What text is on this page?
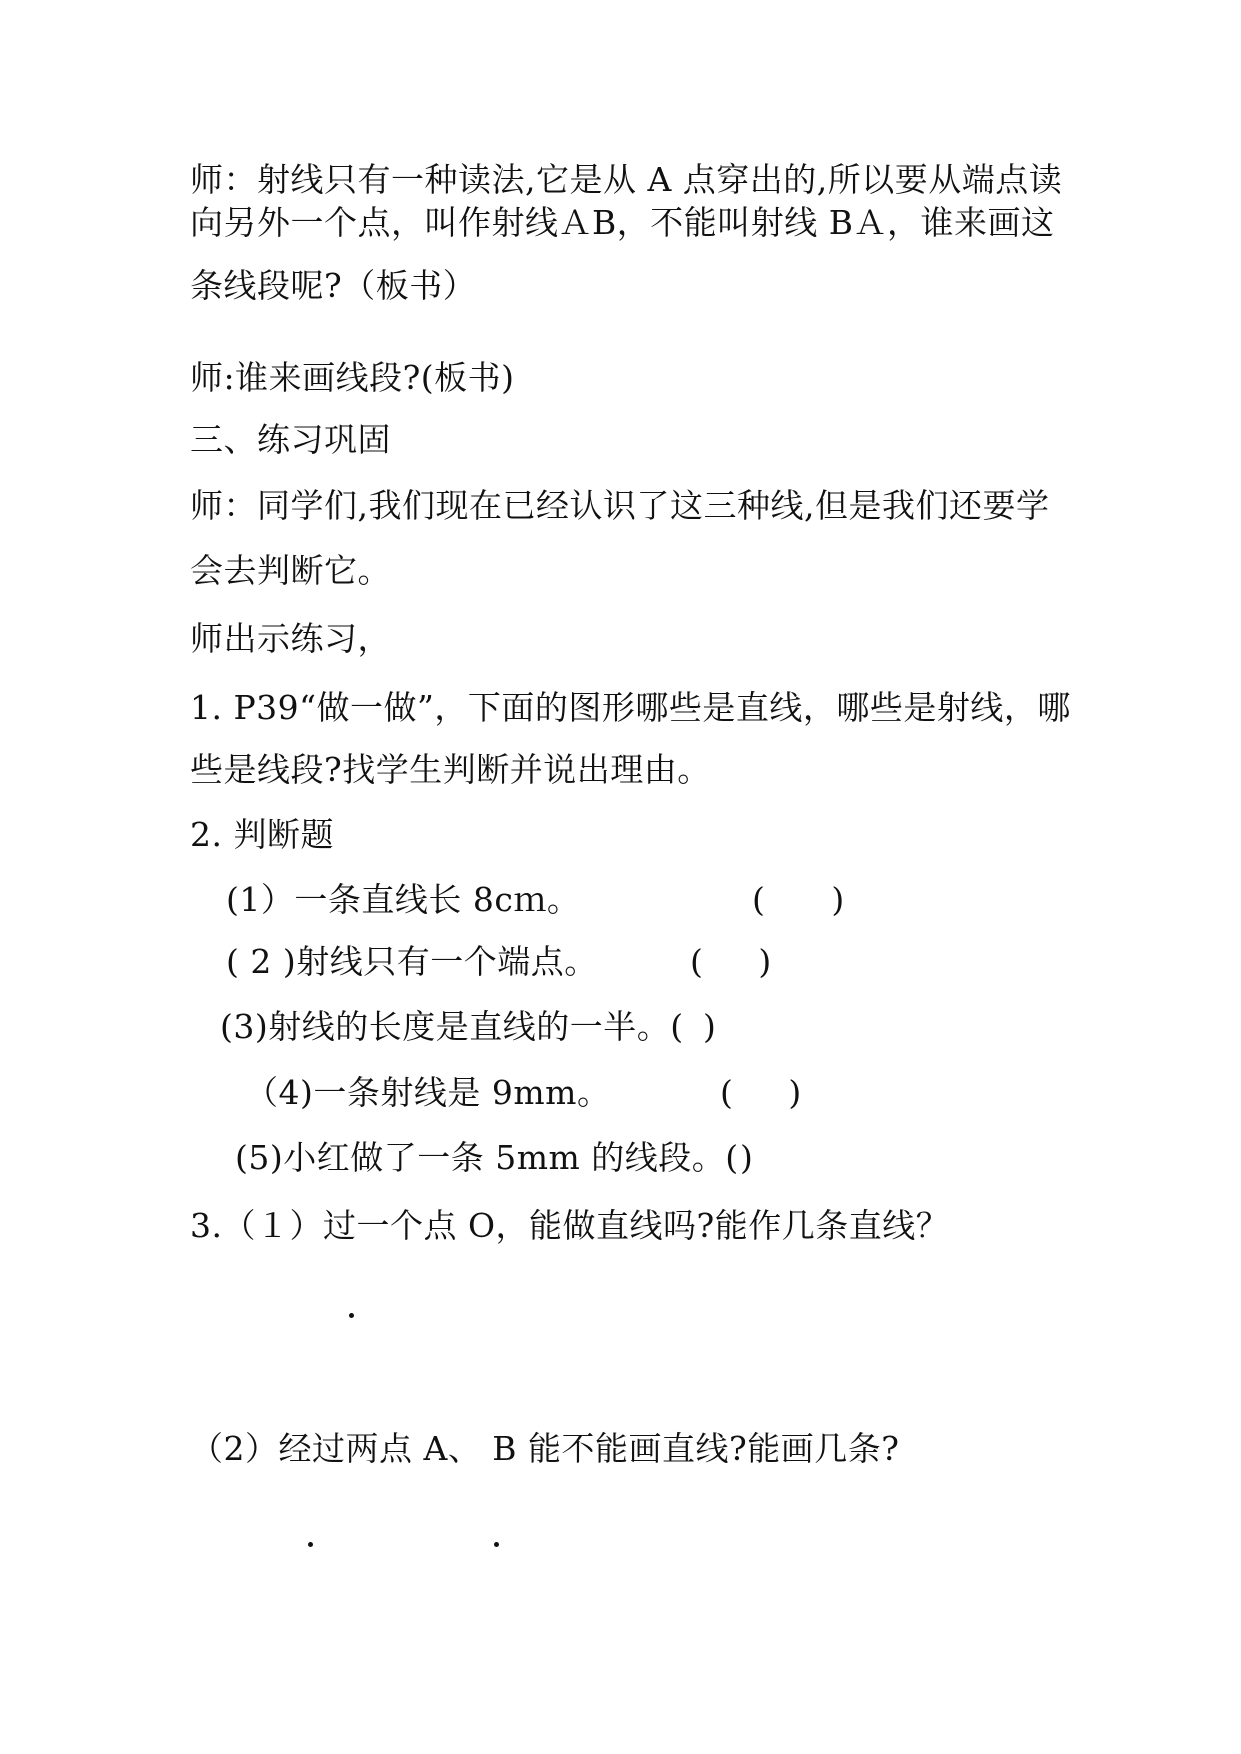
师：射线只有一种读法,它是从 A 点穿出的,所以要从端点读
向另外一个点，叫作射线ＡB，不能叫射线 BＡ，谁来画这
条线段呢?（板书）
师:谁来画线段?(板书)
三、练习巩固
师：同学们,我们现在已经认识了这三种线,但是我们还要学
会去判断它。
师出示练习，
1. P39“做一做”，下面的图形哪些是直线，哪些是射线，哪
些是线段?找学生判断并说出理由。
2. 判断题
(1）一条直线长 8cｍ。	(      )
( 2 )射线只有一个端点。	(     )
(3)射线的长度是直线的一半。( )
（4)一条射线是 9mm。	(     )
(5)小红做了一条 5mm 的线段。( )
3.（１）过一个点 O，能做直线吗?能作几条直线？
（2）经过两点 A、 B 能不能画直线?能画几条?
